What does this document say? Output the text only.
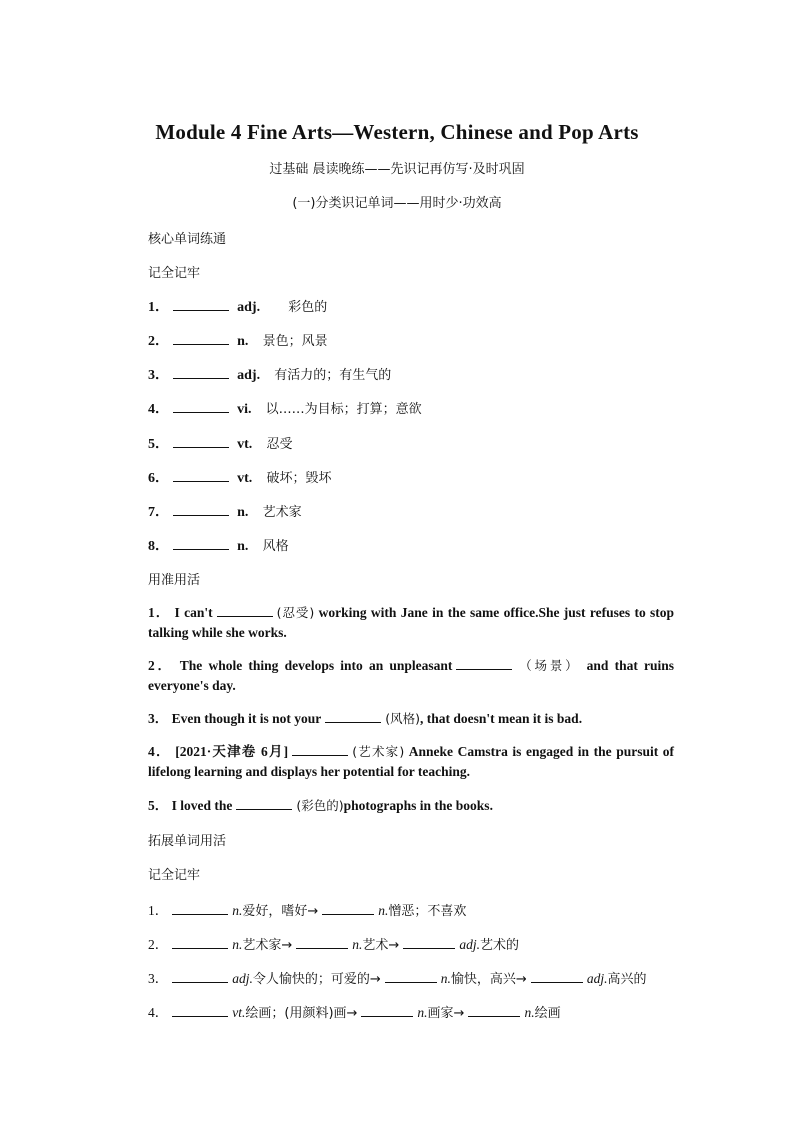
Module 4 Fine Arts—Western, Chinese and Pop Arts
过基础 晨读晚练——先识记再仿写·及时巩固
(一)分类识记单词——用时少·功效高
核心单词练通
记全记牢
1．	adj. 彩色的
2．	n. 景色；风景
3．	adj. 有活力的；有生气的
4．	vi. 以……为目标；打算；意欲
5．	vt. 忍受
6．	vt. 破坏；毁坏
7．	n. 艺术家
8．	n. 风格
用准用活
1． I can't	(忍受) working with Jane in the same office.She just refuses to stop talking while she works.
2． The whole thing develops into an unpleasant	（场景） and that ruins everyone's day.
3． Even though it is not your	(风格), that doesn't mean it is bad.
4． [2021·天津卷 6月]	(艺术家) Anneke Camstra is engaged in the pursuit of lifelong learning and displays her potential for teaching.
5． I loved the	(彩色的)photographs in the books.
拓展单词用活
记全记牢
1．	n.爱好，嗜好→	n.憎恶；不喜欢
2．	n.艺术家→	n.艺术→	adj.艺术的
3．	adj.令人愉快的；可爱的→	n.愉快，高兴→	adj.高兴的
4．	vt.绘画；(用颜料)画→	n.画家→	n.绘画
